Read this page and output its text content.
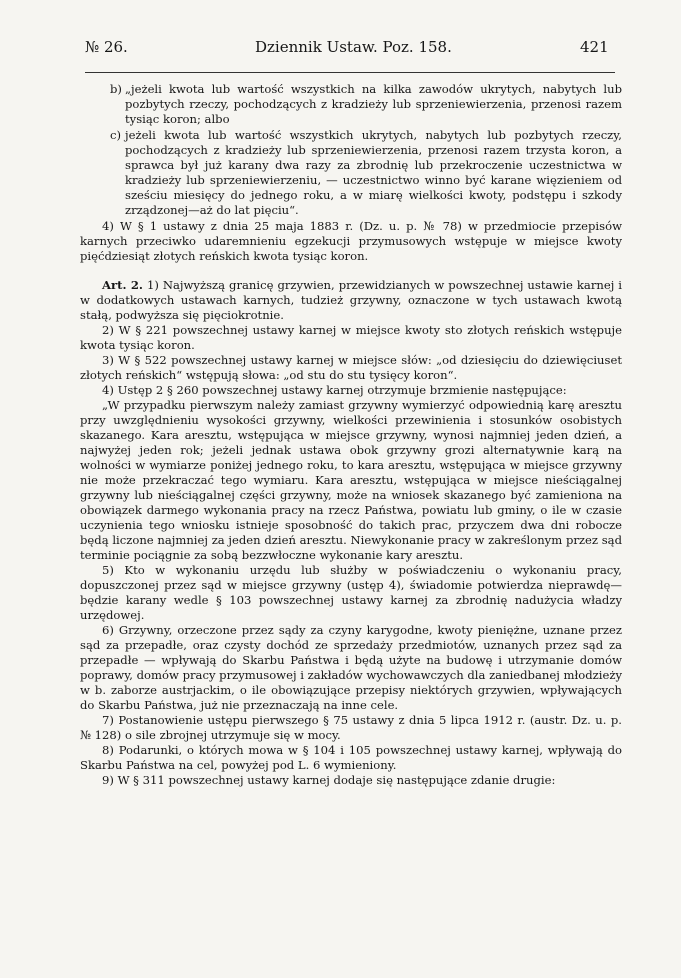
№ 26.	Dziennik Ustaw. Poz. 158.	421
b) „jeżeli kwota lub wartość wszystkich na kilka zawodów ukrytych, nabytych lub pozbytych rzeczy, pochodzących z kradzieży lub sprzeniewierzenia, przenosi razem tysiąc koron; albo
c) jeżeli kwota lub wartość wszystkich ukrytych, nabytych lub pozbytych rzeczy, pochodzących z kradzieży lub sprzeniewierzenia, przenosi razem trzysta koron, a sprawca był już karany dwa razy za zbrodnię lub przekroczenie uczestnictwa w kradzieży lub sprzeniewierzeniu, — uczestnictwo winno być karane więzieniem od sześciu miesięcy do jednego roku, a w miarę wielkości kwoty, podstępu i szkody zrządzonej—aż do lat pięciu“.

4) W § 1 ustawy z dnia 25 maja 1883 r. (Dz. u. p. № 78) w przedmiocie przepisów karnych przeciwko udaremnieniu egzekucji przymusowych wstępuje w miejsce kwoty pięćdziesiąt złotych reńskich kwota tysiąc koron.

Art. 2. 1) Najwyższą granicę grzywien, przewidzianych w powszechnej ustawie karnej i w dodatkowych ustawach karnych, tudzież grzywny, oznaczone w tych ustawach kwotą stałą, podwyższa się pięciokrotnie.

2) W § 221 powszechnej ustawy karnej w miejsce kwoty sto złotych reńskich wstępuje kwota tysiąc koron.

3) W § 522 powszechnej ustawy karnej w miejsce słów: „od dziesięciu do dziewięciuset złotych reńskich“ wstępują słowa: „od stu do stu tysięcy koron“.

4) Ustęp 2 § 260 powszechnej ustawy karnej otrzymuje brzmienie następujące:

„W przypadku pierwszym należy zamiast grzywny wymierzyć odpowiednią karę aresztu przy uwzględnieniu wysokości grzywny, wielkości przewinienia i stosunków osobistych skazanego. Kara aresztu, wstępująca w miejsce grzywny, wynosi najmniej jeden dzień, a najwyżej jeden rok; jeżeli jednak ustawa obok grzywny grozi alternatywnie karą na wolności w wymiarze poniżej jednego roku, to kara aresztu, wstępująca w miejsce grzywny nie może przekraczać tego wymiaru. Kara aresztu, wstępująca w miejsce nieściągalnej grzywny lub nieściągalnej części grzywny, może na wniosek skazanego być zamieniona na obowiązek darmego wykonania pracy na rzecz Państwa, powiatu lub gminy, o ile w czasie uczynienia tego wniosku istnieje sposobność do takich prac, przyczem dwa dni robocze będą liczone najmniej za jeden dzień aresztu. Niewykonanie pracy w zakreślonym przez sąd terminie pociągnie za sobą bezzwłoczne wykonanie kary aresztu.

5) Kto w wykonaniu urzędu lub służby w poświadczeniu o wykonaniu pracy, dopuszczonej przez sąd w miejsce grzywny (ustęp 4), świadomie potwierdza nieprawdę—będzie karany wedle § 103 powszechnej ustawy karnej za zbrodnię nadużycia władzy urzędowej.

6) Grzywny, orzeczone przez sądy za czyny karygodne, kwoty pieniężne, uznane przez sąd za przepadłe, oraz czysty dochód ze sprzedaży przedmiotów, uznanych przez sąd za przepadłe — wpływają do Skarbu Państwa i będą użyte na budowę i utrzymanie domów poprawy, domów pracy przymusowej i zakładów wychowawczych dla zaniedbanej młodzieży w b. zaborze austrjackim, o ile obowiązujące przepisy niektórych grzywien, wpływających do Skarbu Państwa, już nie przeznaczają na inne cele.

7) Postanowienie ustępu pierwszego § 75 ustawy z dnia 5 lipca 1912 r. (austr. Dz. u. p. № 128) o sile zbrojnej utrzymuje się w mocy.

8) Podarunki, o których mowa w § 104 i 105 powszechnej ustawy karnej, wpływają do Skarbu Państwa na cel, powyżej pod L. 6 wymieniony.

9) W § 311 powszechnej ustawy karnej dodaje się następujące zdanie drugie:
